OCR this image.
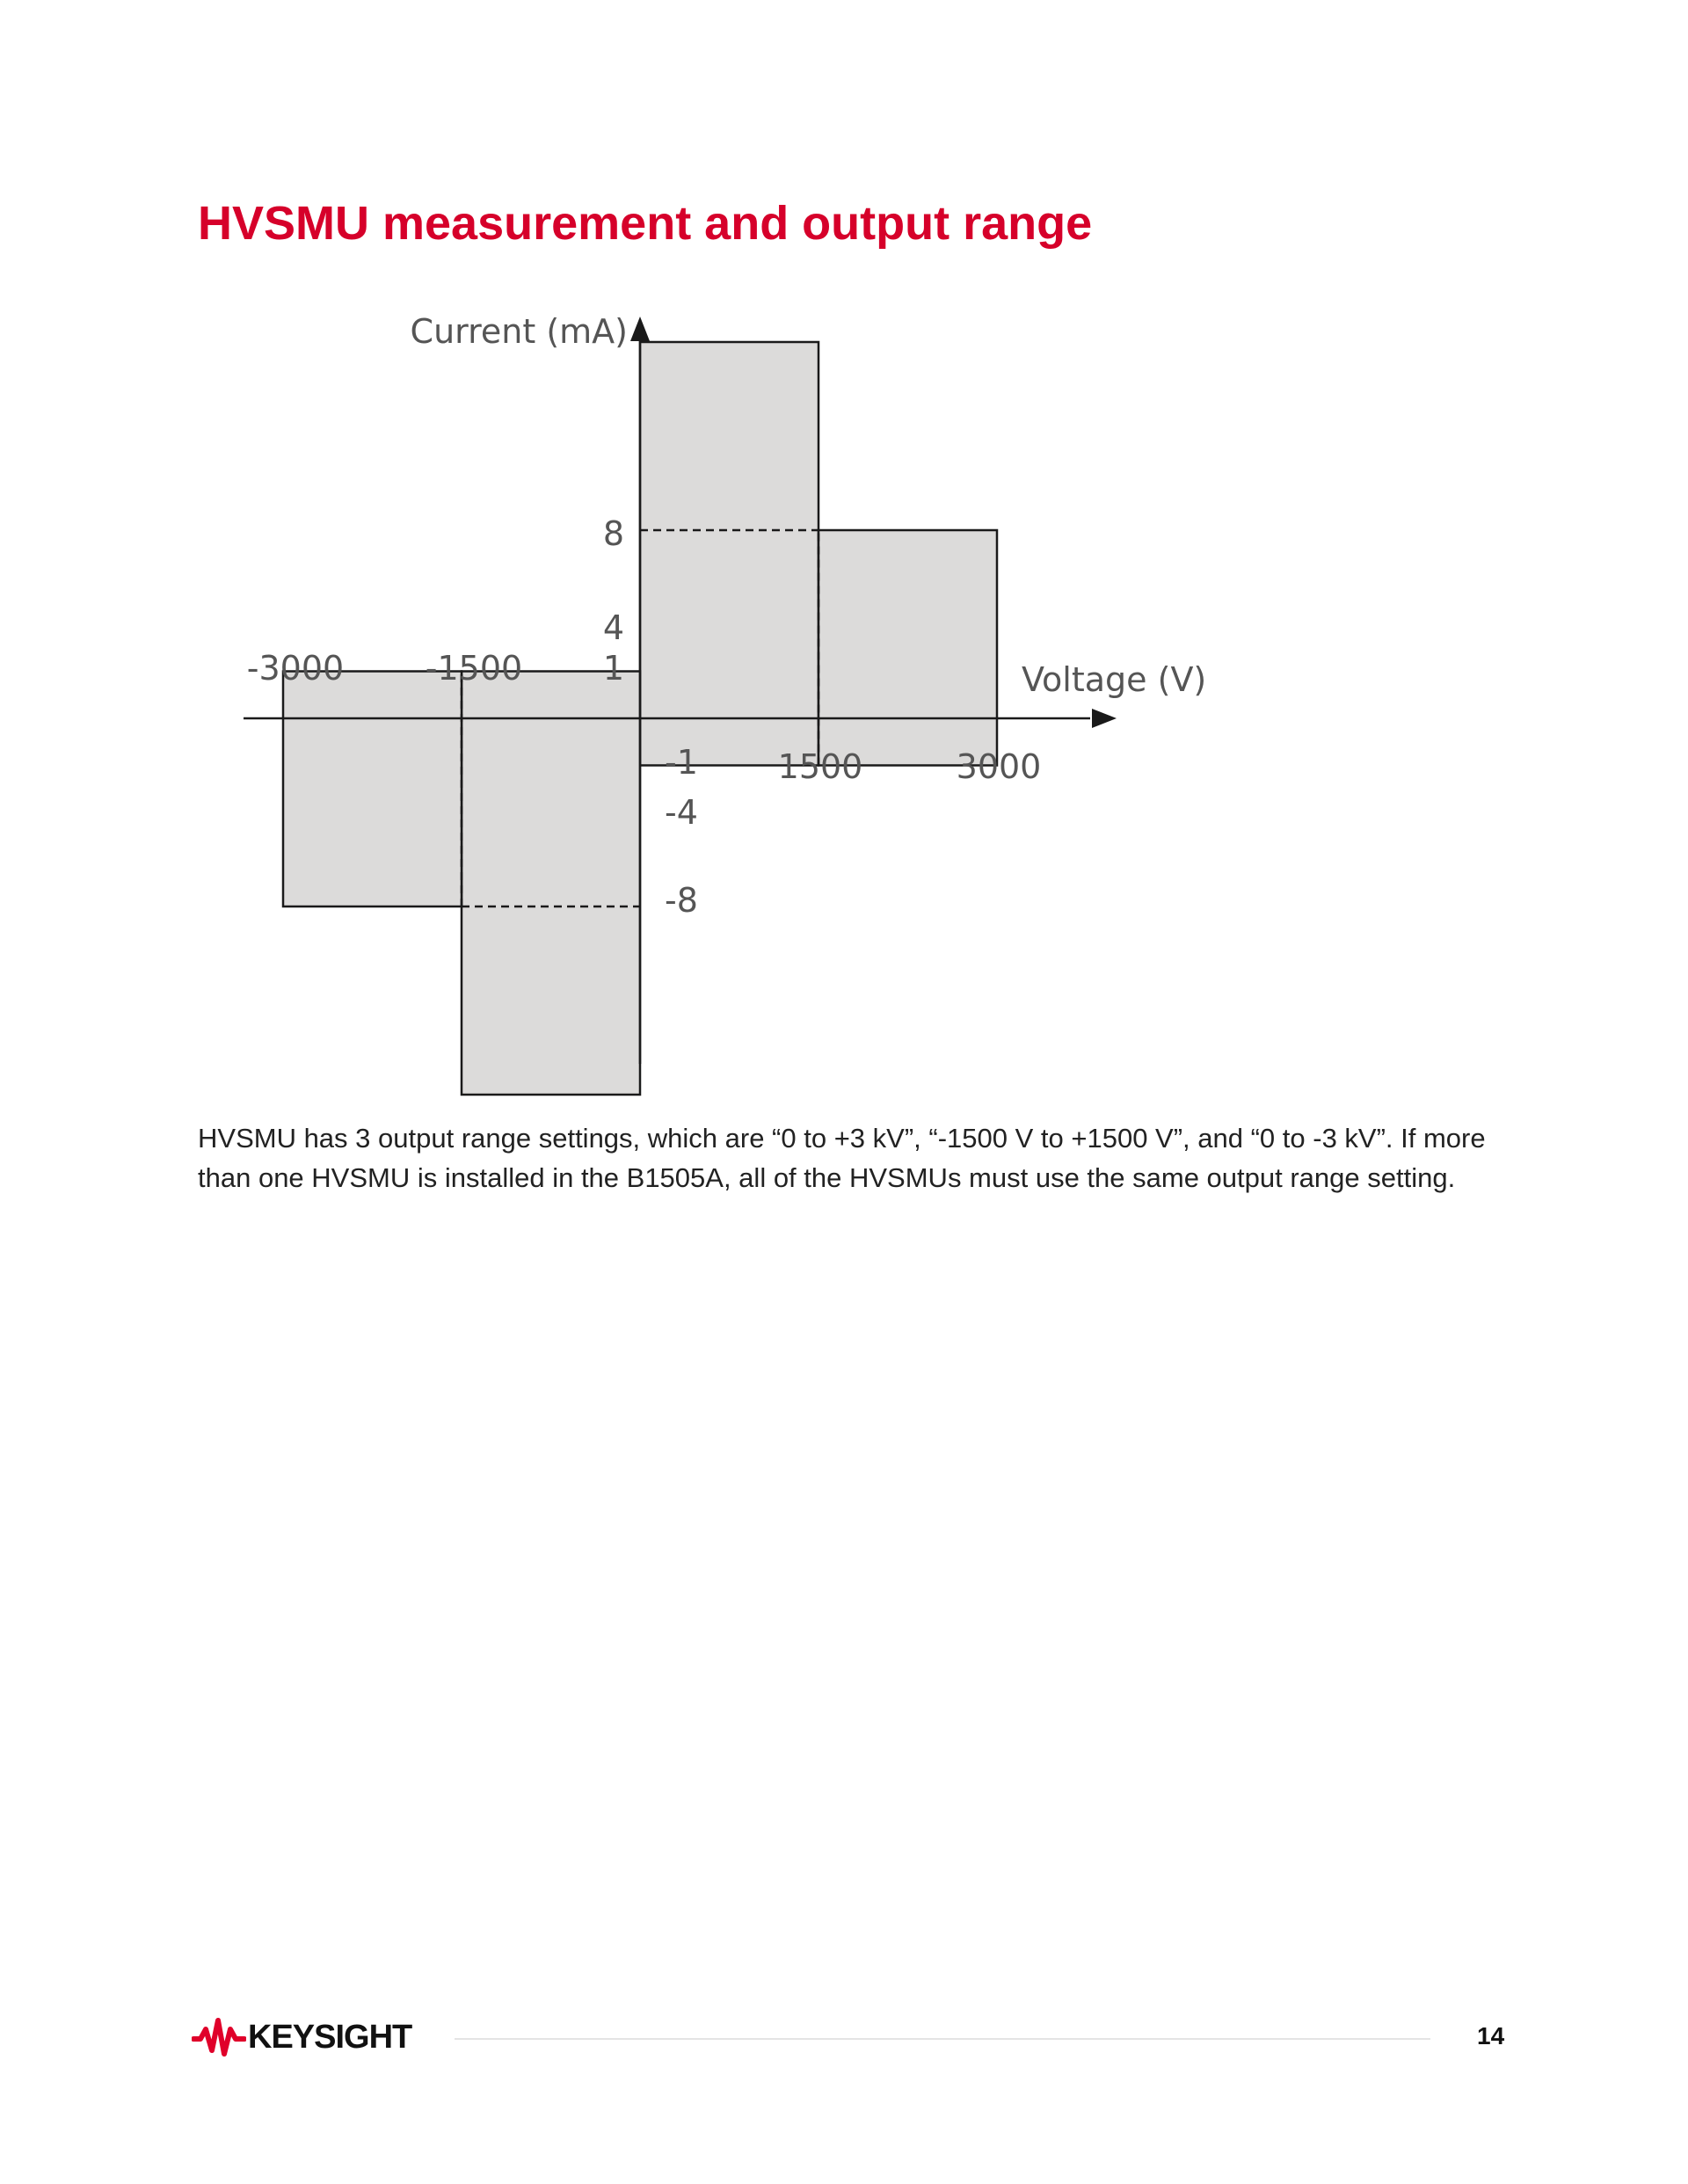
HVSMU measurement and output range
Voltage (V)
Current (mA)
-3000 -1500
1500	3000
8
4
1
-1
-4
-8

HVSMU has 3 output range settings, which are “0 to +3 kV”, “-1500 V to +1500 V”, and “0 to -3 kV”. If more than one HVSMU is installed in the B1505A, all of the HVSMUs must use the same output range setting.

KEYSIGHT	14
